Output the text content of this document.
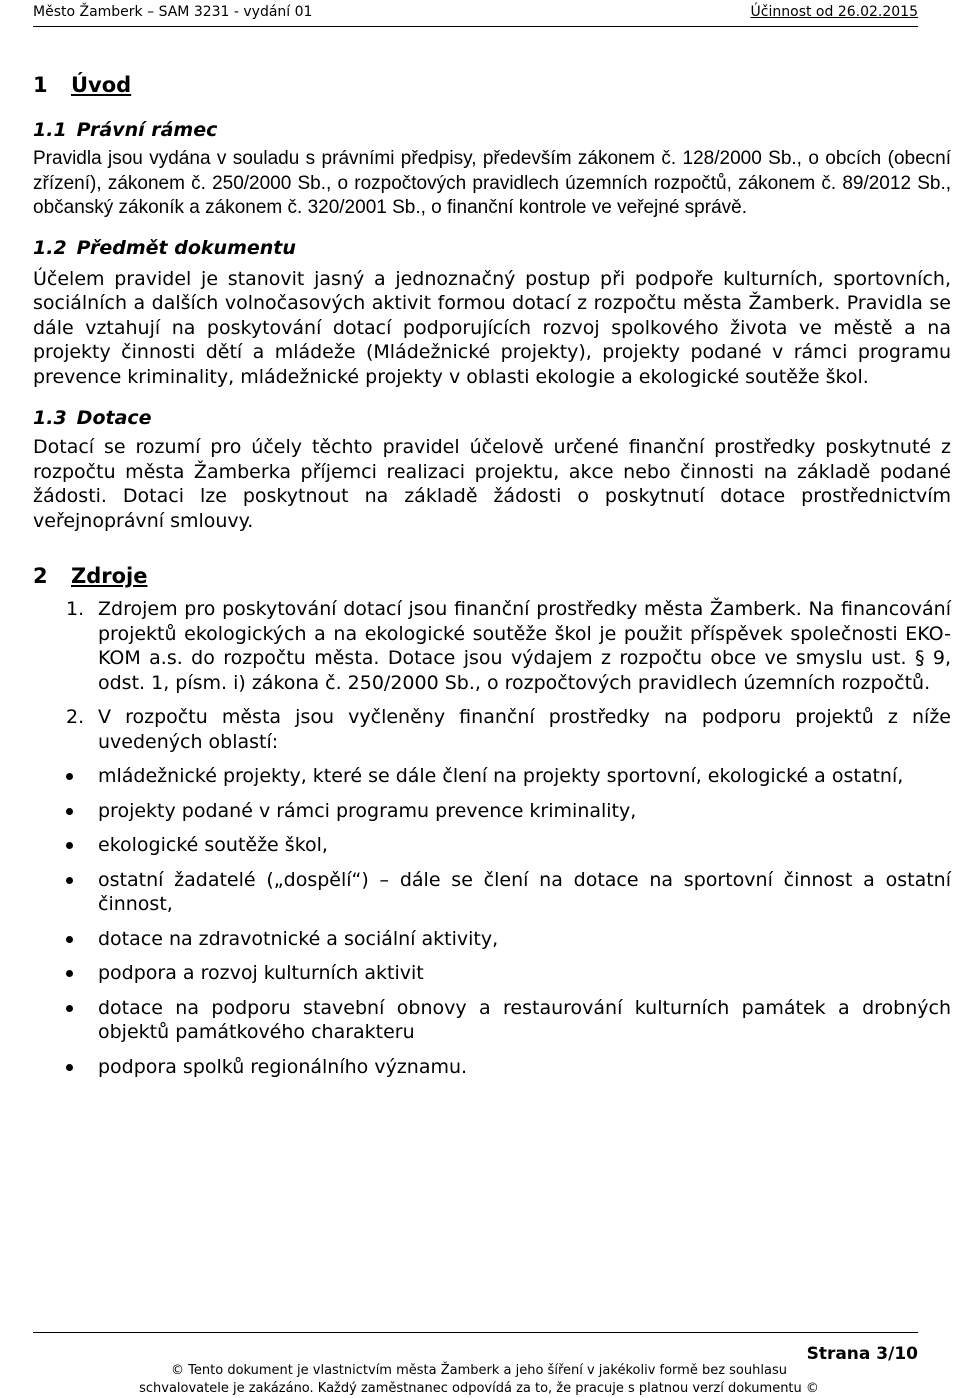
Město Žamberk – SAM 3231 - vydání 01	Účinnost od 26.02.2015
1 Úvod
1.1 Právní rámec

Pravidla jsou vydána v souladu s právními předpisy, především zákonem č. 128/2000 Sb., o obcích (obecní zřízení), zákonem č. 250/2000 Sb., o rozpočtových pravidlech územních rozpočtů, zákonem č. 89/2012 Sb., občanský zákoník a zákonem č. 320/2001 Sb., o finanční kontrole ve veřejné správě.

1.2 Předmět dokumentu

Účelem pravidel je stanovit jasný a jednoznačný postup při podpoře kulturních, sportovních, sociálních a dalších volnočasových aktivit formou dotací z rozpočtu města Žamberk. Pravidla se dále vztahují na poskytování dotací podporujících rozvoj spolkového života ve městě a na projekty činnosti dětí a mládeže (Mládežnické projekty), projekty podané v rámci programu prevence kriminality, mládežnické projekty v oblasti ekologie a ekologické soutěže škol.

1.3 Dotace

Dotací se rozumí pro účely těchto pravidel účelově určené finanční prostředky poskytnuté z rozpočtu města Žamberka příjemci realizaci projektu, akce nebo činnosti na základě podané žádosti. Dotaci lze poskytnout na základě žádosti o poskytnutí dotace prostřednictvím veřejnoprávní smlouvy.

2 Zdroje
1. Zdrojem pro poskytování dotací jsou finanční prostředky města Žamberk. Na financování projektů ekologických a na ekologické soutěže škol je použit příspěvek společnosti EKO-KOM a.s. do rozpočtu města. Dotace jsou výdajem z rozpočtu obce ve smyslu ust. § 9, odst. 1, písm. i) zákona č. 250/2000 Sb., o rozpočtových pravidlech územních rozpočtů.
2. V rozpočtu města jsou vyčleněny finanční prostředky na podporu projektů z níže uvedených oblastí:
mládežnické projekty, které se dále člení na projekty sportovní, ekologické a ostatní,
projekty podané v rámci programu prevence kriminality,
ekologické soutěže škol,
ostatní žadatelé („dospělí“) – dále se člení na dotace na sportovní činnost a ostatní činnost,
dotace na zdravotnické a sociální aktivity,
podpora a rozvoj kulturních aktivit
dotace na podporu stavební obnovy a restaurování kulturních památek a drobných objektů památkového charakteru
podpora spolků regionálního významu.
Strana 3/10
© Tento dokument je vlastnictvím města Žamberk a jeho šíření v jakékoliv formě bez souhlasu
schvalovatele je zakázáno. Každý zaměstnanec odpovídá za to, že pracuje s platnou verzí dokumentu ©
